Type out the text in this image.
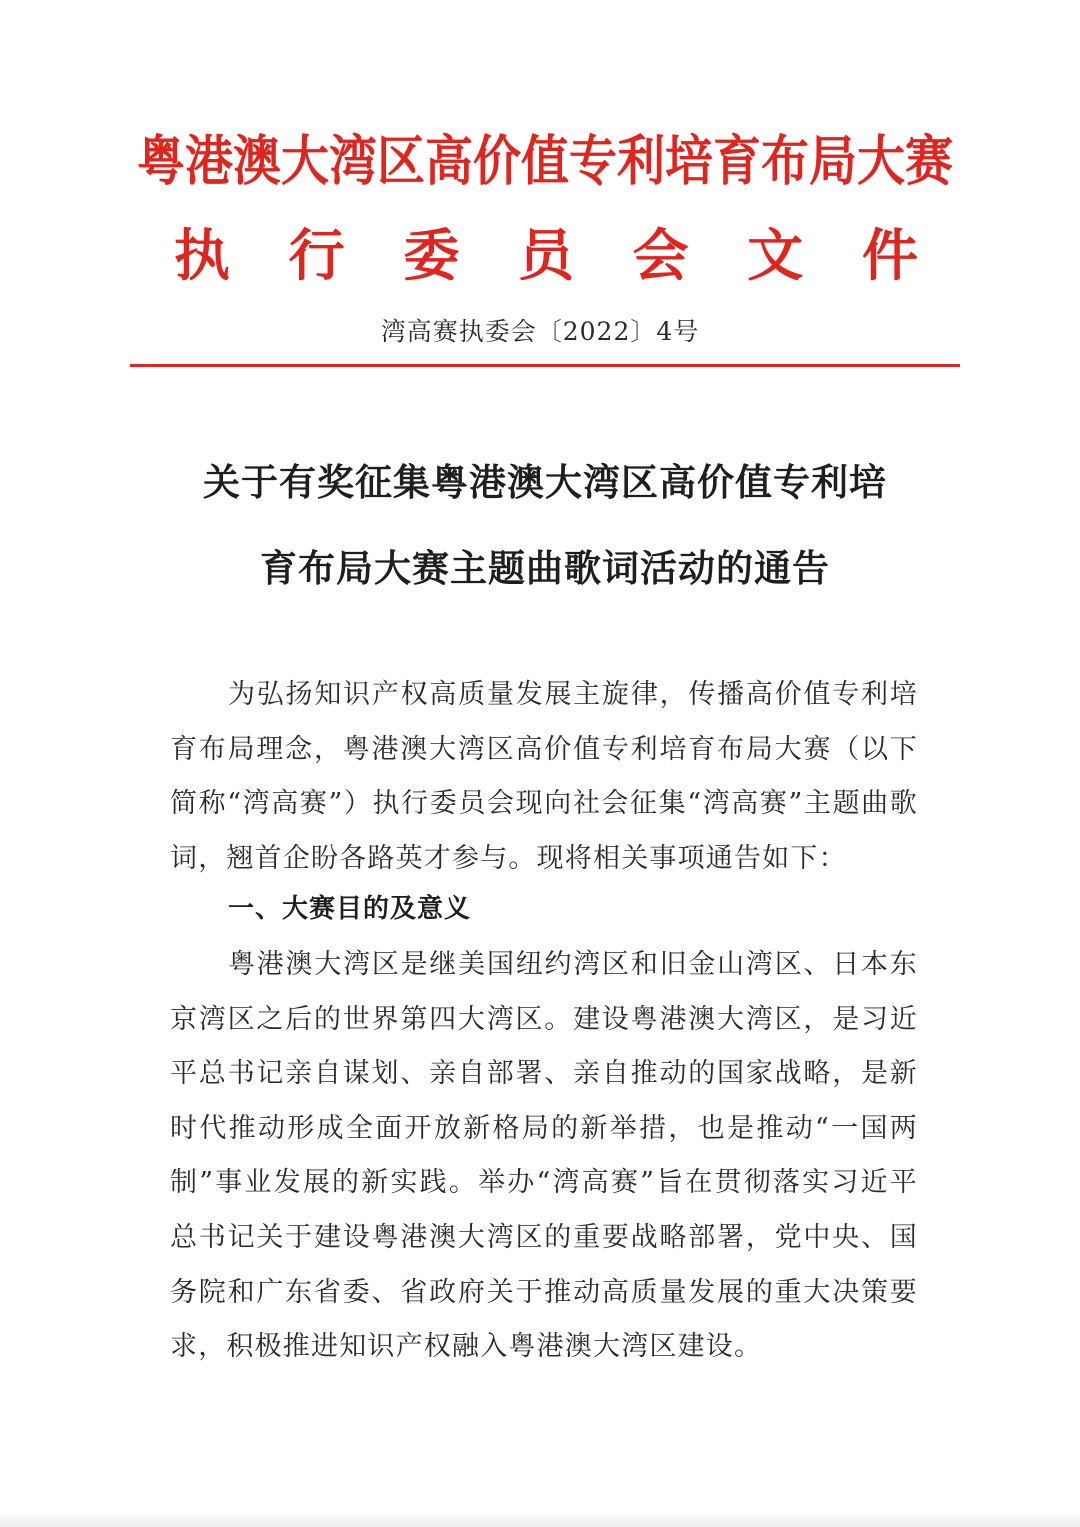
粤港澳大湾区高价值专利培育布局大赛
执 行 委 员 会 文 件
湾高赛执委会〔2022〕4号
关于有奖征集粤港澳大湾区高价值专利培
育布局大赛主题曲歌词活动的通告
为弘扬知识产权高质量发展主旋律，传播高价值专利培育布局理念，粤港澳大湾区高价值专利培育布局大赛（以下简称“湾高赛”）执行委员会现向社会征集“湾高赛”主题曲歌词，翘首企盼各路英才参与。现将相关事项通告如下：
一、大赛目的及意义
粤港澳大湾区是继美国纽约湾区和旧金山湾区、日本东京湾区之后的世界第四大湾区。建设粤港澳大湾区，是习近平总书记亲自谋划、亲自部署、亲自推动的国家战略，是新时代推动形成全面开放新格局的新举措，也是推动“一国两制”事业发展的新实践。举办“湾高赛”旨在贯彻落实习近平总书记关于建设粤港澳大湾区的重要战略部署，党中央、国务院和广东省委、省政府关于推动高质量发展的重大决策要求，积极推进知识产权融入粤港澳大湾区建设。
